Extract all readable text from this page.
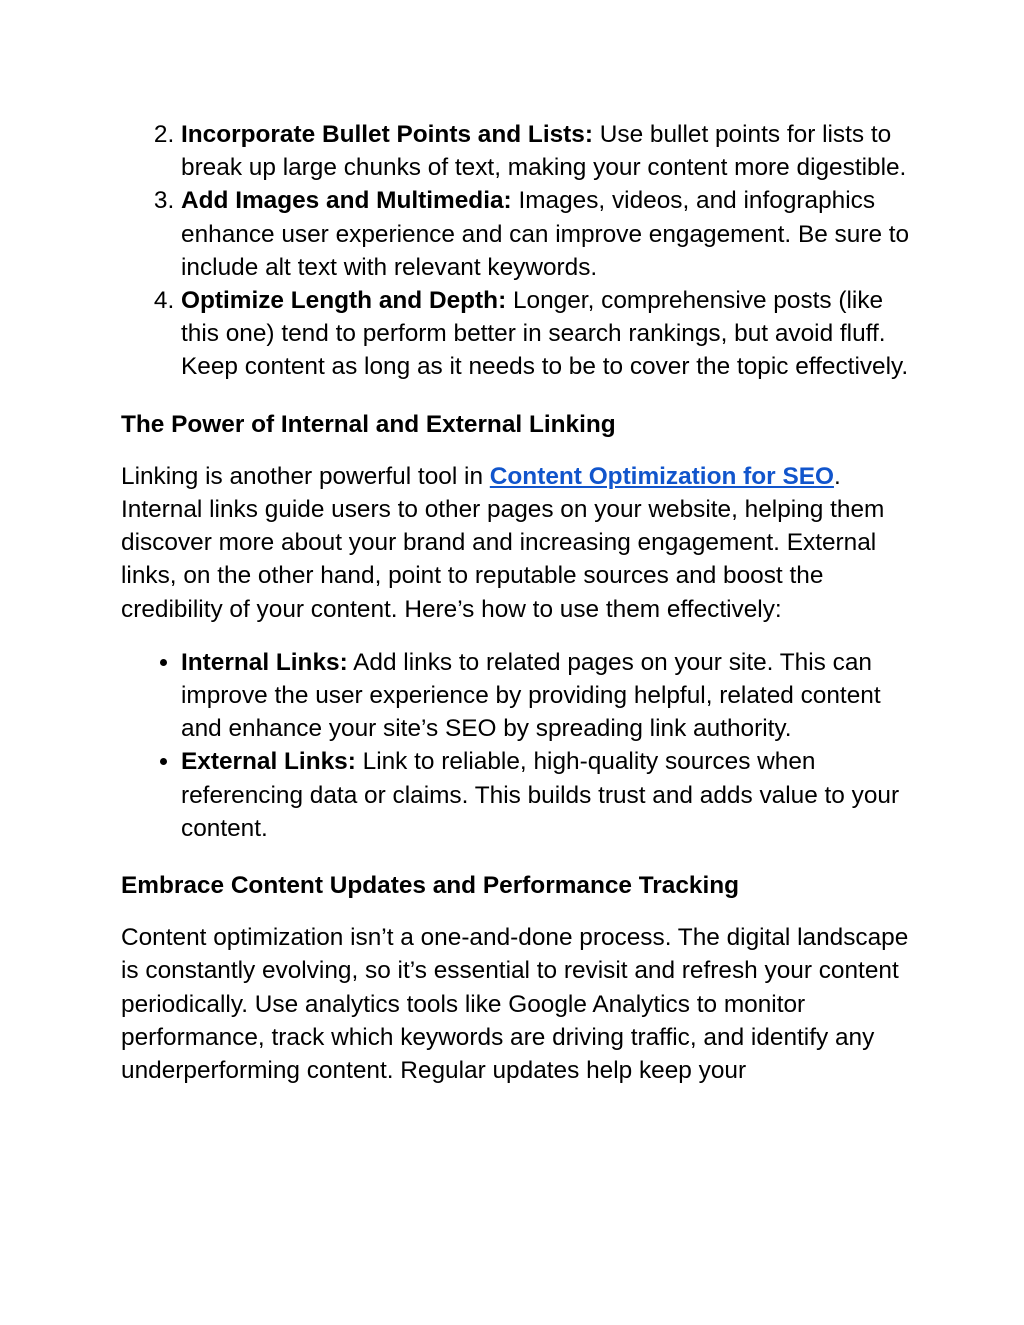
2. Incorporate Bullet Points and Lists: Use bullet points for lists to break up large chunks of text, making your content more digestible.
3. Add Images and Multimedia: Images, videos, and infographics enhance user experience and can improve engagement. Be sure to include alt text with relevant keywords.
4. Optimize Length and Depth: Longer, comprehensive posts (like this one) tend to perform better in search rankings, but avoid fluff. Keep content as long as it needs to be to cover the topic effectively.
The Power of Internal and External Linking

Linking is another powerful tool in Content Optimization for SEO. Internal links guide users to other pages on your website, helping them discover more about your brand and increasing engagement. External links, on the other hand, point to reputable sources and boost the credibility of your content. Here’s how to use them effectively:

• Internal Links: Add links to related pages on your site. This can improve the user experience by providing helpful, related content and enhance your site’s SEO by spreading link authority.
• External Links: Link to reliable, high-quality sources when referencing data or claims. This builds trust and adds value to your content.
Embrace Content Updates and Performance Tracking

Content optimization isn’t a one-and-done process. The digital landscape is constantly evolving, so it’s essential to revisit and refresh your content periodically. Use analytics tools like Google Analytics to monitor performance, track which keywords are driving traffic, and identify any underperforming content. Regular updates help keep your
